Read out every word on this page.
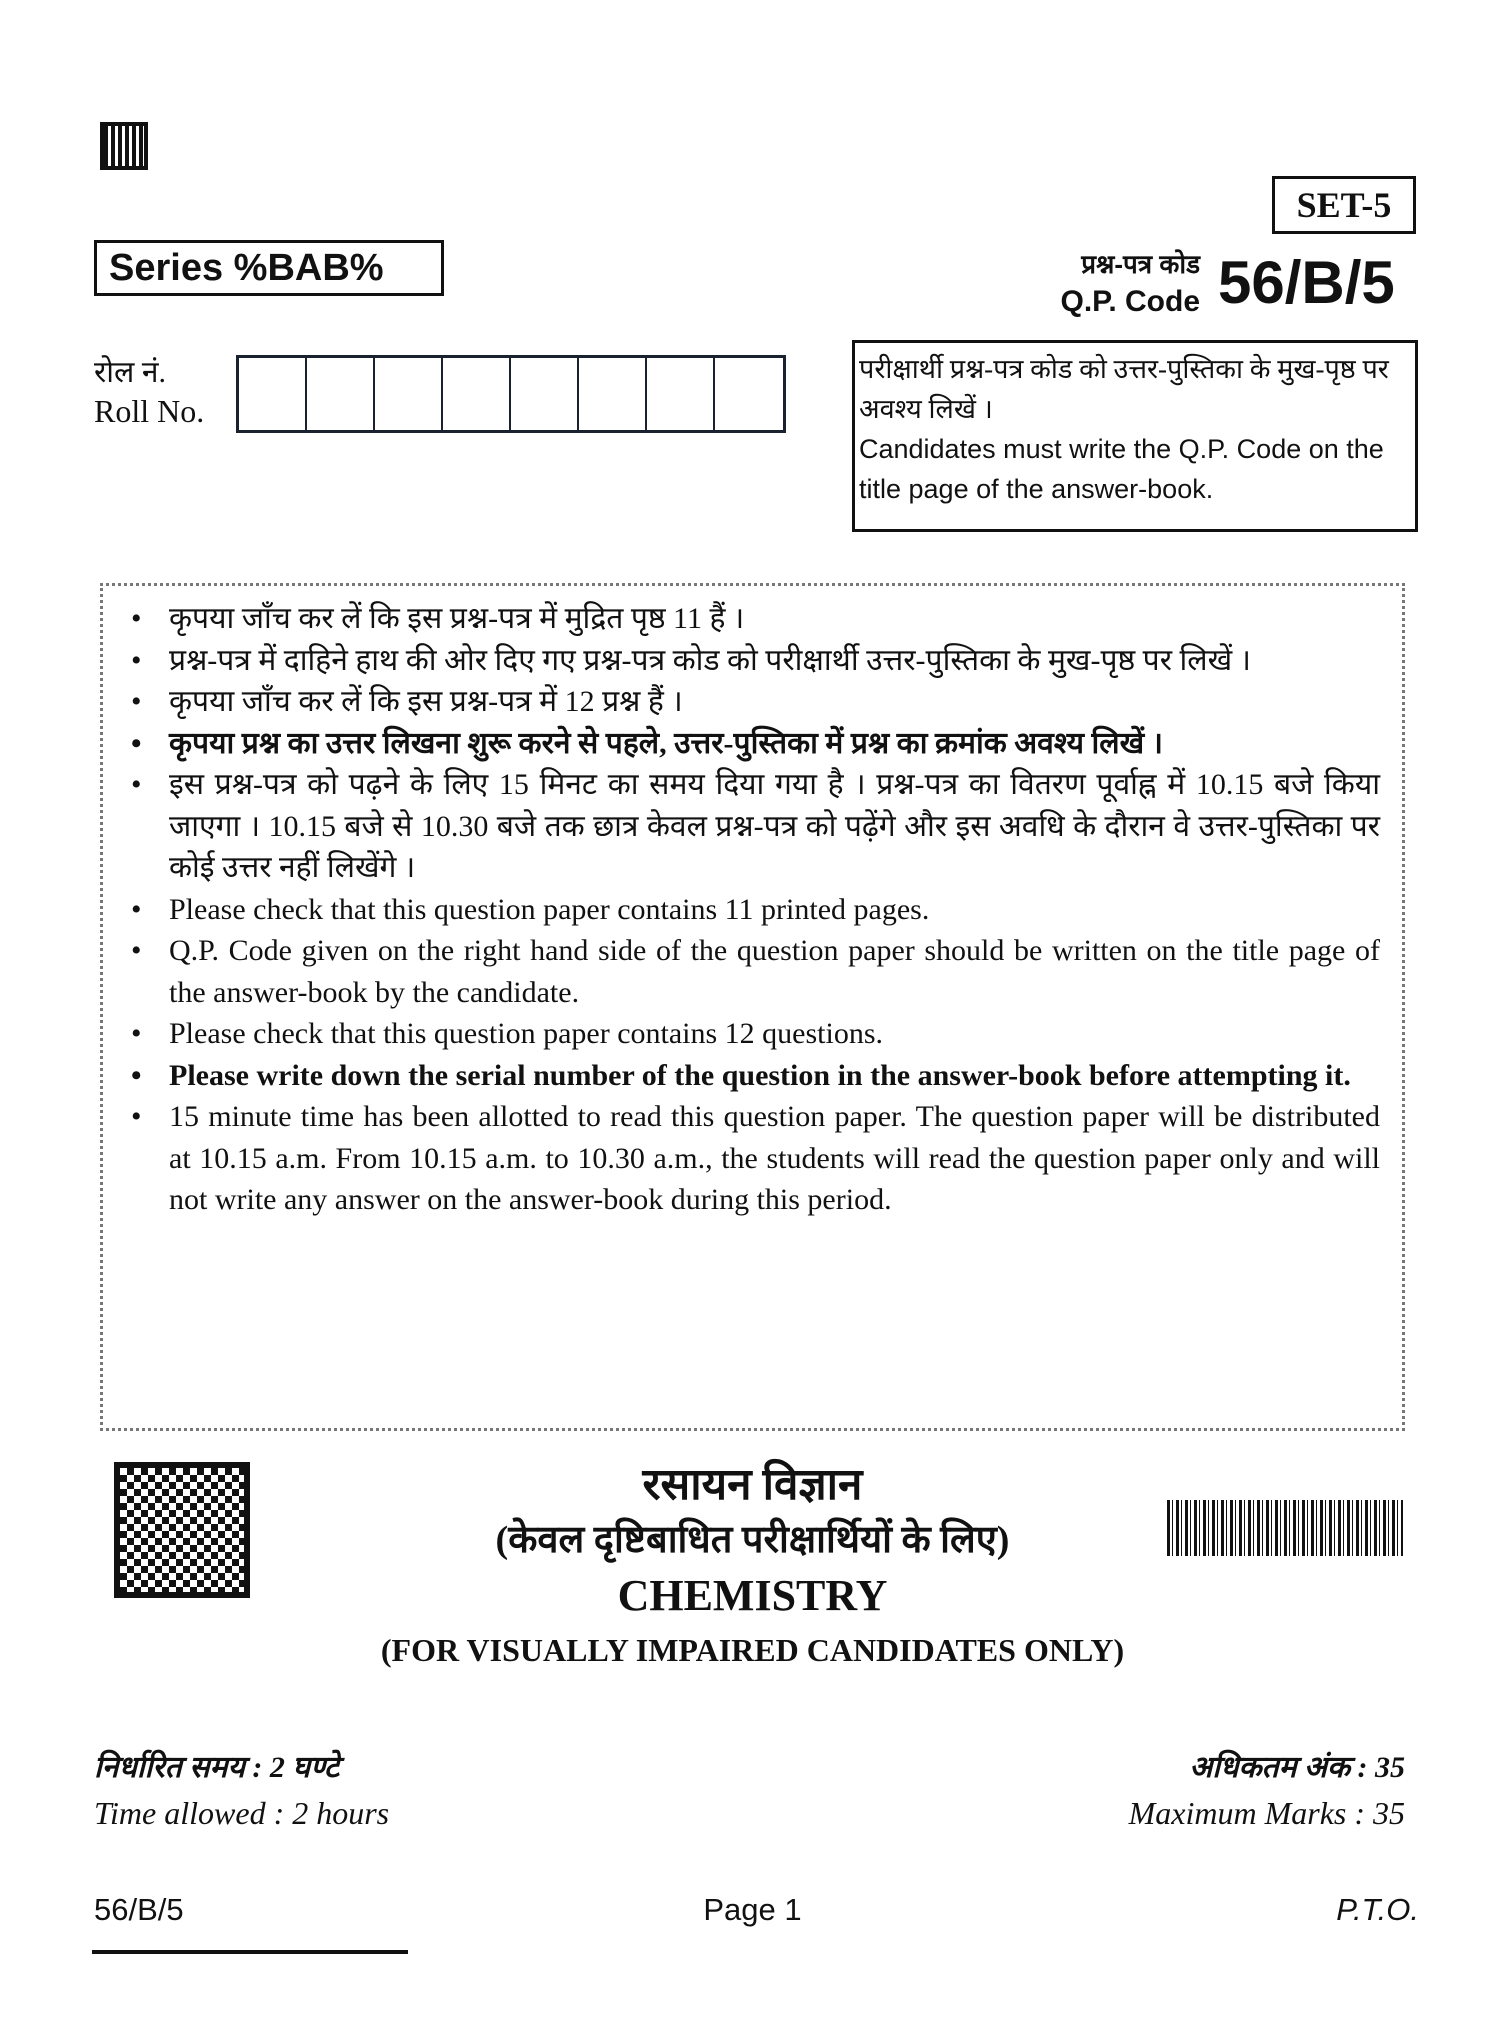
SET-5
Series %BAB%	प्रश्न-पत्र कोड
Q.P. Code 56/B/5
रोल नं.
Roll No.
परीक्षार्थी प्रश्न-पत्र कोड को उत्तर-पुस्तिका के मुख-पृष्ठ पर अवश्य लिखें ।
Candidates must write the Q.P. Code on the title page of the answer-book.
• कृपया जाँच कर लें कि इस प्रश्न-पत्र में मुद्रित पृष्ठ 11 हैं ।
• प्रश्न-पत्र में दाहिने हाथ की ओर दिए गए प्रश्न-पत्र कोड को परीक्षार्थी उत्तर-पुस्तिका के मुख-पृष्ठ पर लिखें ।
• कृपया जाँच कर लें कि इस प्रश्न-पत्र में 12 प्रश्न हैं ।
• कृपया प्रश्न का उत्तर लिखना शुरू करने से पहले, उत्तर-पुस्तिका में प्रश्न का क्रमांक अवश्य लिखें ।
• इस प्रश्न-पत्र को पढ़ने के लिए 15 मिनट का समय दिया गया है । प्रश्न-पत्र का वितरण पूर्वाह्न में 10.15 बजे किया जाएगा । 10.15 बजे से 10.30 बजे तक छात्र केवल प्रश्न-पत्र को पढ़ेंगे और इस अवधि के दौरान वे उत्तर-पुस्तिका पर कोई उत्तर नहीं लिखेंगे ।
• Please check that this question paper contains 11 printed pages.
• Q.P. Code given on the right hand side of the question paper should be written on the title page of the answer-book by the candidate.
• Please check that this question paper contains 12 questions.
• Please write down the serial number of the question in the answer-book before attempting it.
• 15 minute time has been allotted to read this question paper. The question paper will be distributed at 10.15 a.m. From 10.15 a.m. to 10.30 a.m., the students will read the question paper only and will not write any answer on the answer-book during this period.
रसायन विज्ञान
(केवल दृष्टिबाधित परीक्षार्थियों के लिए)
CHEMISTRY
(FOR VISUALLY IMPAIRED CANDIDATES ONLY)
निर्धारित समय : 2 घण्टे
Time allowed : 2 hours
अधिकतम अंक : 35
Maximum Marks : 35
56/B/5	Page 1	P.T.O.
